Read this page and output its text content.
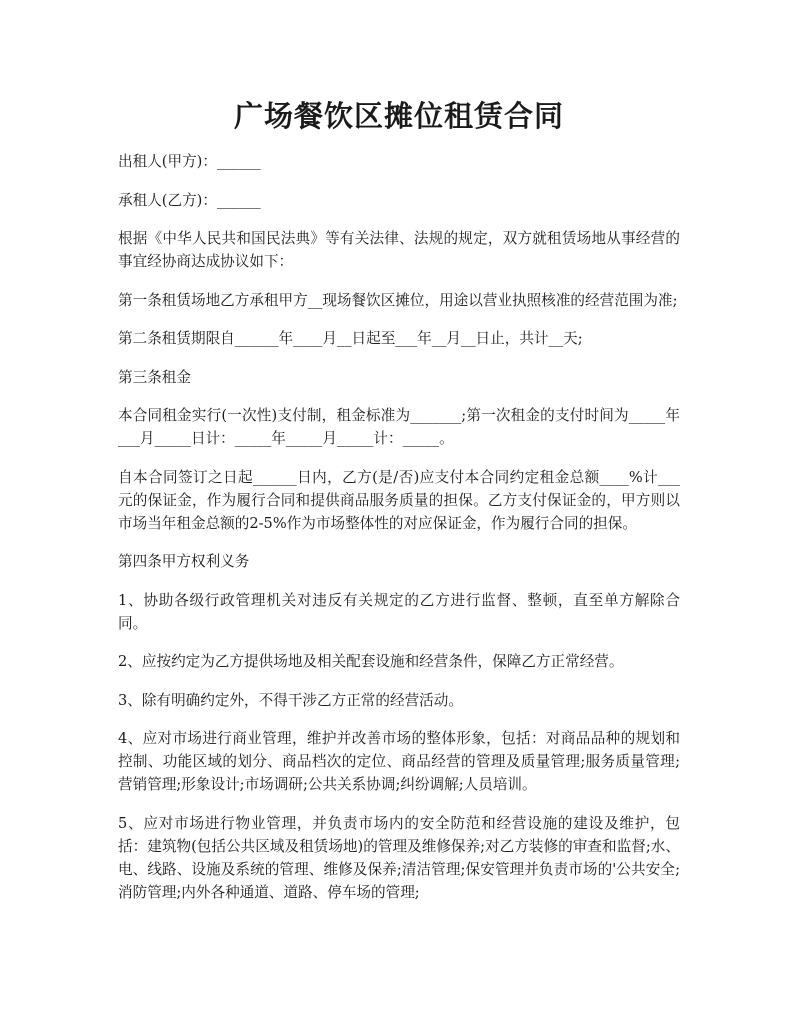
广场餐饮区摊位租赁合同

出租人(甲方)：______

承租人(乙方)：______

根据《中华人民共和国民法典》等有关法律、法规的规定，双方就租赁场地从事经营的事宜经协商达成协议如下：

第一条租赁场地乙方承租甲方__现场餐饮区摊位，用途以营业执照核准的经营范围为准;

第二条租赁期限自______年____月__日起至___年__月__日止，共计__天;

第三条租金

本合同租金实行(一次性)支付制，租金标准为_______;第一次租金的支付时间为_____年___月_____日计：_____年_____月_____计：_____。

自本合同签订之日起______日内，乙方(是/否)应支付本合同约定租金总额____%计___元的保证金，作为履行合同和提供商品服务质量的担保。乙方支付保证金的，甲方则以市场当年租金总额的2-5%作为市场整体性的对应保证金，作为履行合同的担保。

第四条甲方权利义务

1、协助各级行政管理机关对违反有关规定的乙方进行监督、整顿，直至单方解除合同。

2、应按约定为乙方提供场地及相关配套设施和经营条件，保障乙方正常经营。

3、除有明确约定外，不得干涉乙方正常的经营活动。

4、应对市场进行商业管理，维护并改善市场的整体形象，包括：对商品品种的规划和控制、功能区域的划分、商品档次的定位、商品经营的管理及质量管理;服务质量管理;营销管理;形象设计;市场调研;公共关系协调;纠纷调解;人员培训。

5、应对市场进行物业管理，并负责市场内的安全防范和经营设施的建设及维护，包括：建筑物(包括公共区域及租赁场地)的管理及维修保养;对乙方装修的审查和监督;水、电、线路、设施及系统的管理、维修及保养;清洁管理;保安管理并负责市场的'公共安全;消防管理;内外各种通道、道路、停车场的管理;
